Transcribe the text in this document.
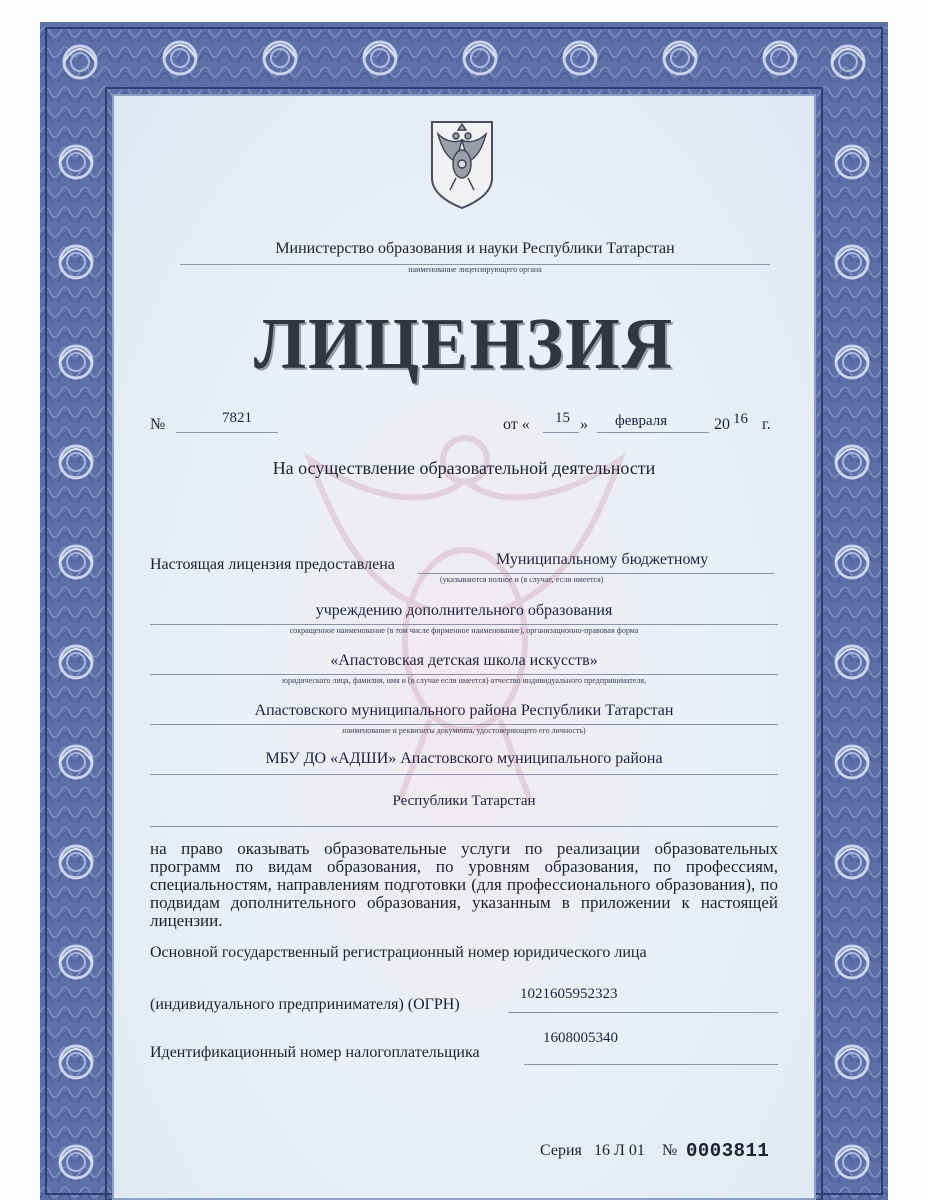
Министерство образования и науки Республики Татарстан
наименование лицензирующего органа
ЛИЦЕНЗИЯ
№	7821	от « 15 » февраля	20 16 г.
На осуществление образовательной деятельности
Настоящая лицензия предоставлена	Муниципальному бюджетному
(указываются полное и (в случае, если имеется)
учреждению дополнительного образования
сокращенное наименование (в том числе фирменное наименование), организационно-правовая форма
«Апастовская детская школа искусств»
юридического лица, фамилия, имя и (в случае если имеется) отчество индивидуального предпринимателя,
Апастовского муниципального района Республики Татарстан
наименование и реквизиты документа, удостоверяющего его личность)
МБУ ДО «АДШИ» Апастовского муниципального района
Республики Татарстан
на право оказывать образовательные услуги по реализации образовательных программ по видам образования, по уровням образования, по профессиям, специальностям, направлениям подготовки (для профессионального образования), по подвидам дополнительного образования, указанным в приложении к настоящей лицензии.
Основной государственный регистрационный номер юридического лица
(индивидуального предпринимателя) (ОГРН)
1021605952323
Идентификационный номер налогоплательщика
1608005340
Серия 16 Л 01 № 0003811
